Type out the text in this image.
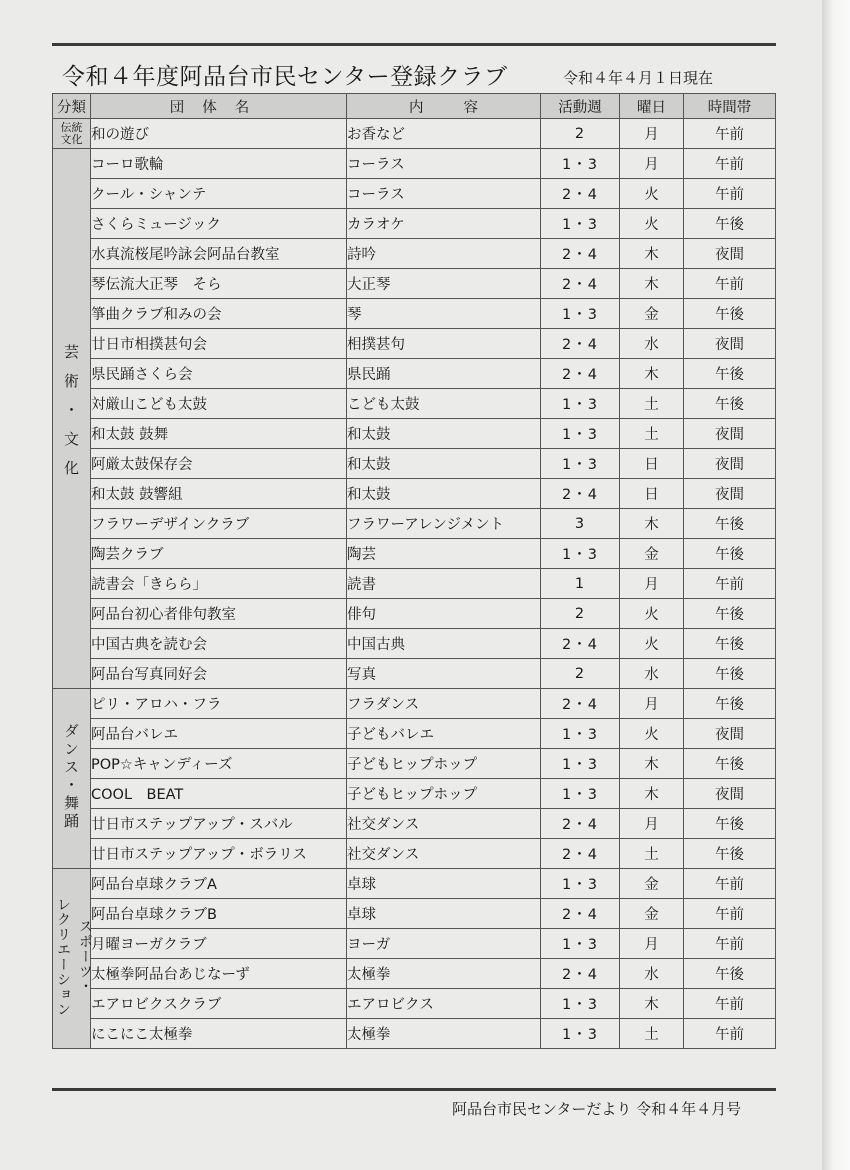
令和４年度阿品台市民センター登録クラブ	令和４年４月１日現在
分類	団体名	内 容	活動週	曜日	時間帯

伝統
文化	和の遊び	お香など	2	月	午前
芸術・文化	コーロ歌輪	コーラス	1・3	月	午前
	クール・シャンテ	コーラス	2・4	火	午前
	さくらミュージック	カラオケ	1・3	火	午後
	水真流桜尾吟詠会阿品台教室	詩吟	2・4	木	夜間
	琴伝流大正琴　そら	大正琴	2・4	木	午前
	箏曲クラブ和みの会	琴	1・3	金	午後
	廿日市相撲甚句会	相撲甚句	2・4	水	夜間
	県民踊さくら会	県民踊	2・4	木	午後
	対厳山こども太鼓	こども太鼓	1・3	土	午後
	和太鼓 鼓舞	和太鼓	1・3	土	夜間
	阿厳太鼓保存会	和太鼓	1・3	日	夜間
	和太鼓 鼓響組	和太鼓	2・4	日	夜間
	フラワーデザインクラブ	フラワーアレンジメント	3	木	午後
	陶芸クラブ	陶芸	1・3	金	午後
	読書会「きらら」	読書	1	月	午前
	阿品台初心者俳句教室	俳句	2	火	午後
	中国古典を読む会	中国古典	2・4	火	午後
	阿品台写真同好会	写真	2	水	午後
ダンス・舞踊	ピリ・アロハ・フラ	フラダンス	2・4	月	午後
	阿品台バレエ	子どもバレエ	1・3	火	夜間
	POP☆キャンディーズ	子どもヒップホップ	1・3	木	午後
	COOL　BEAT	子どもヒップホップ	1・3	木	夜間
	廿日市ステップアップ・スバル	社交ダンス	2・4	月	午後
	廿日市ステップアップ・ボラリス	社交ダンス	2・4	土	午後

スポーツ・
レクリエーション	阿品台卓球クラブA	卓球	1・3	金	午前
	阿品台卓球クラブB	卓球	2・4	金	午前
	月曜ヨーガクラブ	ヨーガ	1・3	月	午前
	太極拳阿品台あじなーず	太極拳	2・4	水	午後
	エアロビクスクラブ	エアロビクス	1・3	木	午前
	にこにこ太極拳	太極拳	1・3	土	午前
阿品台市民センターだより 令和４年４月号
